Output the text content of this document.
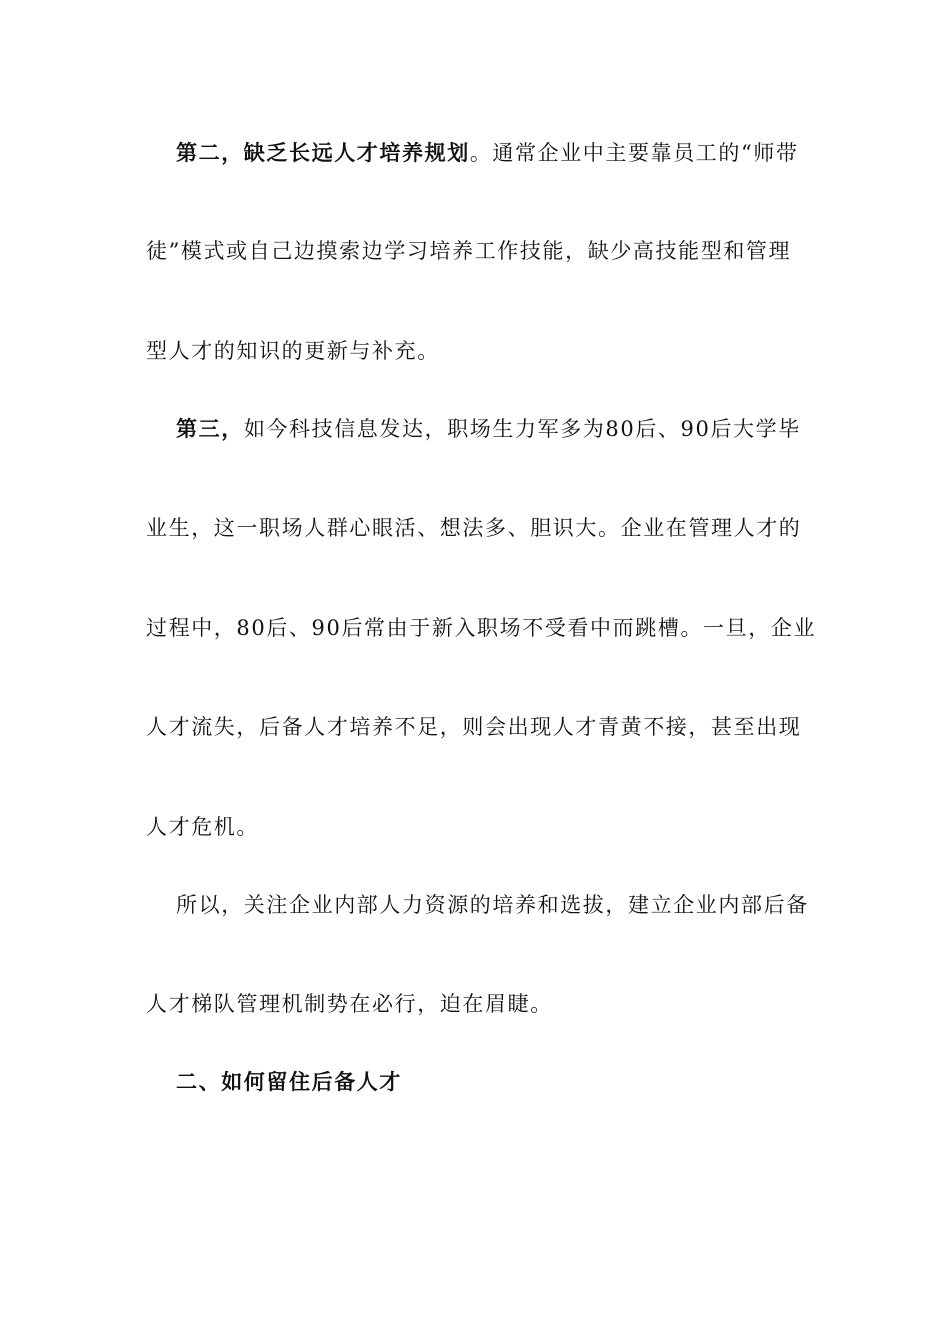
第二，缺乏长远人才培养规划。通常企业中主要靠员工的“师带
徒”模式或自己边摸索边学习培养工作技能，缺少高技能型和管理
型人才的知识的更新与补充。
第三，如今科技信息发达，职场生力军多为80后、90后大学毕
业生，这一职场人群心眼活、想法多、胆识大。企业在管理人才的
过程中，80后、90后常由于新入职场不受看中而跳槽。一旦，企业
人才流失，后备人才培养不足，则会出现人才青黄不接，甚至出现
人才危机。
所以，关注企业内部人力资源的培养和选拔，建立企业内部后备
人才梯队管理机制势在必行，迫在眉睫。
二、如何留住后备人才
